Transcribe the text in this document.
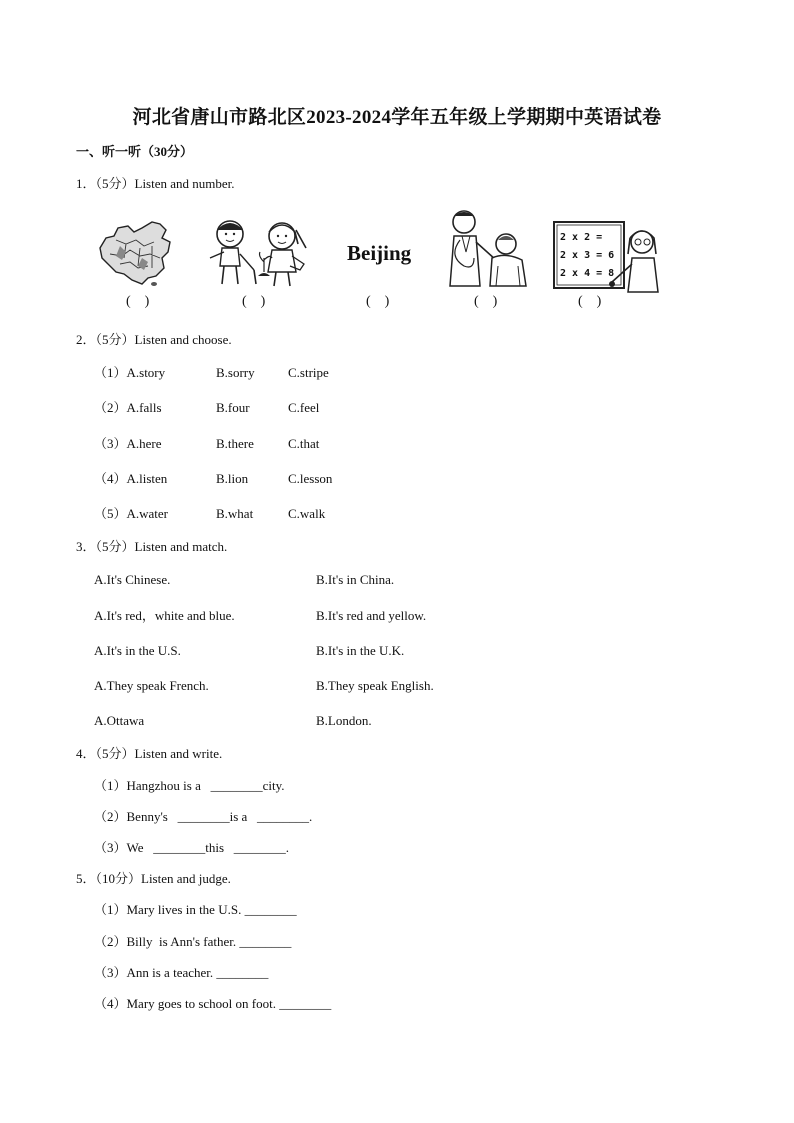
河北省唐山市路北区2023-2024学年五年级上学期期中英语试卷
一、听一听（30分）
1．（5分）Listen and number.
Beijing
2 x 2 =
2 x 3 = 6
2 x 4 = 8
(    )	(    )	(    )	(    )	(    )
2．（5分）Listen and choose.
（1）A.story	B.sorry	C.stripe
（2）A.falls	B.four	C.feel
（3）A.here	B.there	C.that
（4）A.listen	B.lion	C.lesson
（5）A.water	B.what	C.walk
3．（5分）Listen and match.
A.It's Chinese.	B.It's in China.
A.It's red，white and blue.	B.It's red and yellow.
A.It's in the U.S.	B.It's in the U.K.
A.They speak French.	B.They speak English.
A.Ottawa	B.London.
4．（5分）Listen and write.
（1）Hangzhou is a   ________city.
（2）Benny's   ________is a   ________.
（3）We   ________this   ________.
5．（10分）Listen and judge.
（1）Mary lives in the U.S. ________
（2）Billy  is Ann's father. ________
（3）Ann is a teacher. ________
（4）Mary goes to school on foot. ________
